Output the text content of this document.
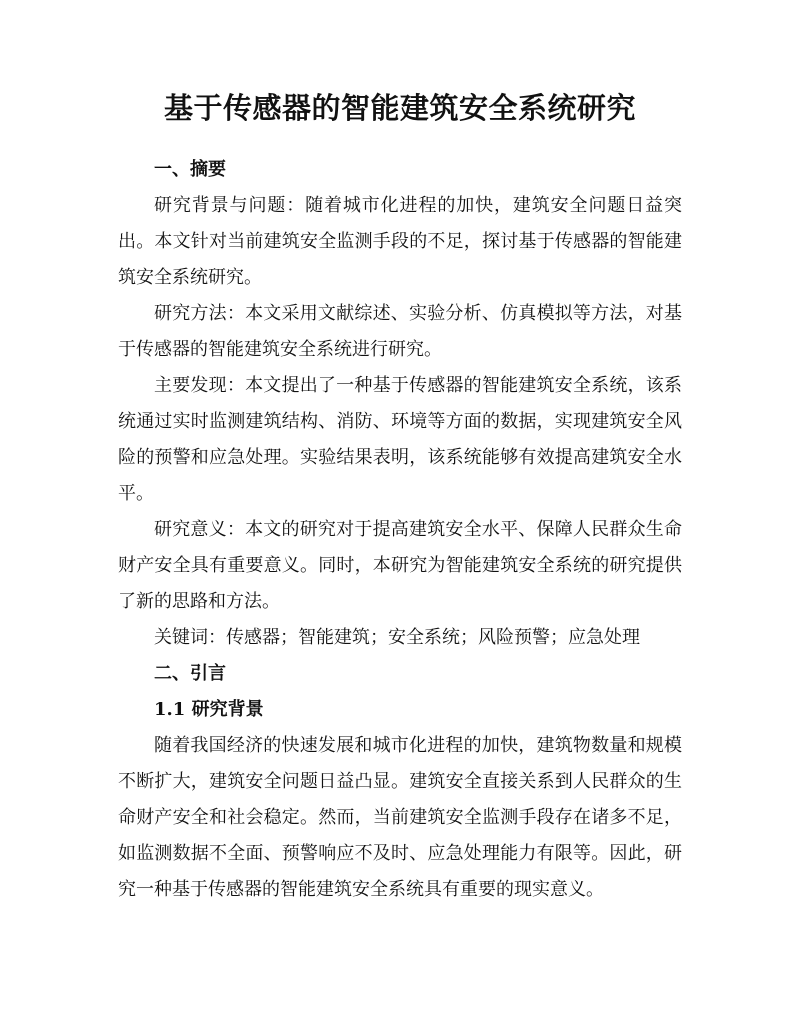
基于传感器的智能建筑安全系统研究
一、摘要

研究背景与问题：随着城市化进程的加快，建筑安全问题日益突出。本文针对当前建筑安全监测手段的不足，探讨基于传感器的智能建筑安全系统研究。

研究方法：本文采用文献综述、实验分析、仿真模拟等方法，对基于传感器的智能建筑安全系统进行研究。

主要发现：本文提出了一种基于传感器的智能建筑安全系统，该系统通过实时监测建筑结构、消防、环境等方面的数据，实现建筑安全风险的预警和应急处理。实验结果表明，该系统能够有效提高建筑安全水平。

研究意义：本文的研究对于提高建筑安全水平、保障人民群众生命财产安全具有重要意义。同时，本研究为智能建筑安全系统的研究提供了新的思路和方法。

关键词：传感器；智能建筑；安全系统；风险预警；应急处理

二、引言
1.1 研究背景

随着我国经济的快速发展和城市化进程的加快，建筑物数量和规模不断扩大，建筑安全问题日益凸显。建筑安全直接关系到人民群众的生命财产安全和社会稳定。然而，当前建筑安全监测手段存在诸多不足，如监测数据不全面、预警响应不及时、应急处理能力有限等。因此，研究一种基于传感器的智能建筑安全系统具有重要的现实意义。
